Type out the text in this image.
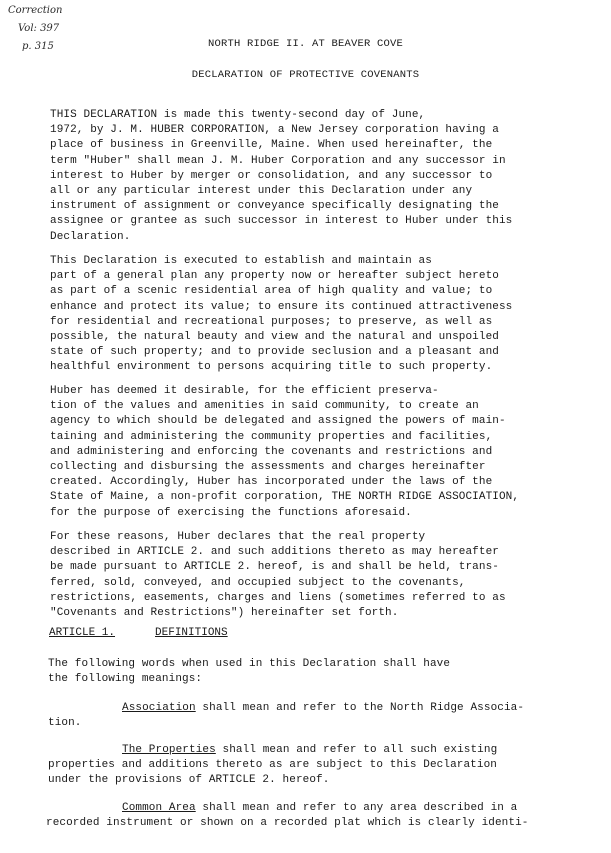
Correction
Vol: 397
p. 315	NORTH RIDGE II. AT BEAVER COVE
DECLARATION OF PROTECTIVE COVENANTS

THIS DECLARATION is made this twenty-second day of June,
1972, by J. M. HUBER CORPORATION, a New Jersey corporation having a
place of business in Greenville, Maine. When used hereinafter, the
term "Huber" shall mean J. M. Huber Corporation and any successor in
interest to Huber by merger or consolidation, and any successor to
all or any particular interest under this Declaration under any
instrument of assignment or conveyance specifically designating the
assignee or grantee as such successor in interest to Huber under this
Declaration.

This Declaration is executed to establish and maintain as
part of a general plan any property now or hereafter subject hereto
as part of a scenic residential area of high quality and value; to
enhance and protect its value; to ensure its continued attractiveness
for residential and recreational purposes; to preserve, as well as
possible, the natural beauty and view and the natural and unspoiled
state of such property; and to provide seclusion and a pleasant and
healthful environment to persons acquiring title to such property.

Huber has deemed it desirable, for the efficient preserva-
tion of the values and amenities in said community, to create an
agency to which should be delegated and assigned the powers of main-
taining and administering the community properties and facilities,
and administering and enforcing the covenants and restrictions and
collecting and disbursing the assessments and charges hereinafter
created. Accordingly, Huber has incorporated under the laws of the
State of Maine, a non-profit corporation, THE NORTH RIDGE ASSOCIATION,
for the purpose of exercising the functions aforesaid.

For these reasons, Huber declares that the real property
described in ARTICLE 2. and such additions thereto as may hereafter
be made pursuant to ARTICLE 2. hereof, is and shall be held, trans-
ferred, sold, conveyed, and occupied subject to the covenants,
restrictions, easements, charges and liens (sometimes referred to as
"Covenants and Restrictions") hereinafter set forth.

ARTICLE 1.	DEFINITIONS

The following words when used in this Declaration shall have
the following meanings:

Association shall mean and refer to the North Ridge Associa-
tion.
The Properties shall mean and refer to all such existing

properties and additions thereto as are subject to this Declaration
under the provisions of ARTICLE 2. hereof.

Common Area shall mean and refer to any area described in a
recorded instrument or shown on a recorded plat which is clearly identi-
